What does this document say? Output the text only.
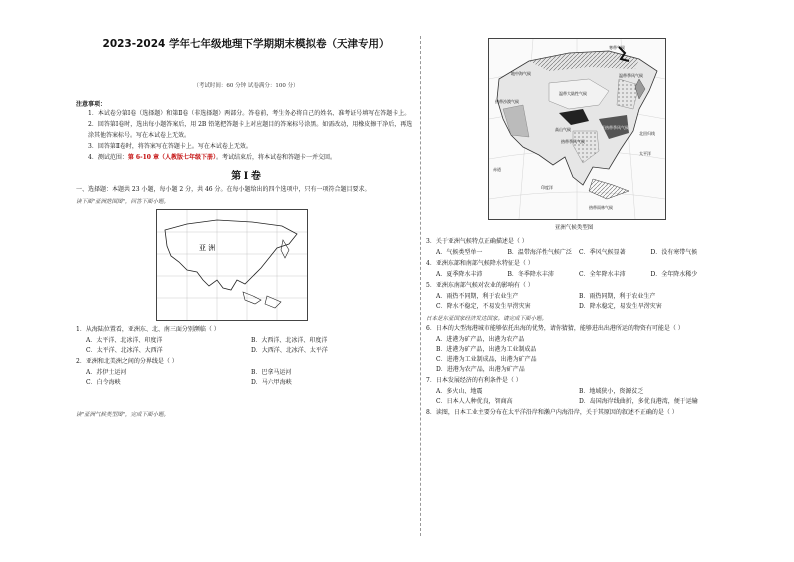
2023-2024 学年七年级地理下学期期末模拟卷（天津专用）
（考试时间：60 分钟 试卷满分：100 分）
注意事项：

1．本试卷分第Ⅰ卷（选择题）和第Ⅱ卷（非选择题）两部分。答卷前，考生务必将自己的姓名、准考证号填写在答题卡上。

2．回答第Ⅰ卷时，选出每小题答案后，用 2B 铅笔把答题卡上对应题目的答案标号涂黑。如需改动，用橡皮擦干净后，再选涂其他答案标号。写在本试卷上无效。

3．回答第Ⅱ卷时，将答案写在答题卡上。写在本试卷上无效。

4．测试范围：第 6-10 章（人教版七年级下册）。考试结束后，将本试卷和答题卡一并交回。

第 Ⅰ 卷

一、选择题：本题共 23 小题，每小题 2 分，共 46 分。在每小题给出的四个选项中，只有一项符合题目要求。

读下面"亚洲范围图"，回答下面小题。
亚 洲
1．从海陆位置看，亚洲东、北、南三面分别濒临（ ）
A．太平洋、北冰洋、印度洋	B．大西洋、北冰洋、印度洋
C．太平洋、北冰洋、大西洋	D．大西洋、北冰洋、太平洋
2．亚洲和北美洲之间的分界线是（ ）
A．苏伊士运河	B．巴拿马运河
C．白令海峡	D．马六甲海峡
读"亚洲气候类型图"，完成下面小题。
寒带气候
地中海气候
温带大陆性气候
温带季风气候
热带沙漠气候
高山气候
热带季风气候
亚热带季风气候
热带雨林气候
太平洋
印度洋
赤道
北回归线
亚洲气候类型图
3．关于亚洲气候特点正确描述是（ ）
A．气候类型单一	B．温带海洋性气候广泛	C．季风气候显著	D．没有寒带气候
4．亚洲东部和南部气候降水特征是（ ）
A．夏季降水丰沛	B．冬季降水丰沛	C．全年降水丰沛	D．全年降水稀少
5．亚洲东南部气候对农业的影响有（ ）
A．雨热不同期，利于农业生产	B．雨热同期，利于农业生产
C．降水不稳定，不易发生旱涝灾害	D．降水稳定，易发生旱涝灾害
日本是东亚国家经济发达国家。请完成下面小题。
6．日本的大型海港城市能够依托出海的优势，请你猜猜，能够进出出港所运的物资有可能是（ ）
A．进港为矿产品，出港为农产品
B．进港为矿产品，出港为工业制成品
C．进港为工业制成品，出港为矿产品
D．进港为农产品，出港为矿产品
7．日本发展经济的有利条件是（ ）
A．多火山、地震	B．地域狭小，资源贫乏
C．日本人人种优良，智商高	D．岛国海岸线曲折，多优良港湾，便于运输
8．读图，日本工业主要分布在太平洋沿岸和濑户内海沿岸，关于其原因的叙述不正确的是（ ）
